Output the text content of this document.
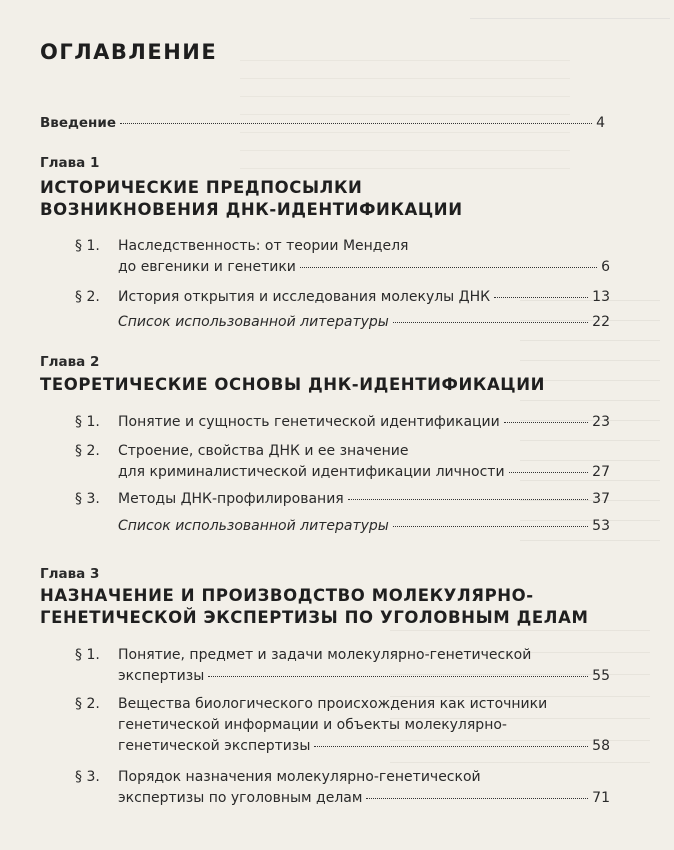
ОГЛАВЛЕНИЕ
Введение	4
Глава 1
ИСТОРИЧЕСКИЕ ПРЕДПОСЫЛКИ
ВОЗНИКНОВЕНИЯ ДНК-ИДЕНТИФИКАЦИИ
§ 1. Наследственность: от теории Менделя
до евгеники и генетики	6
§ 2. История открытия и исследования молекулы ДНК	13
Список использованной литературы	22
Глава 2
ТЕОРЕТИЧЕСКИЕ ОСНОВЫ ДНК-ИДЕНТИФИКАЦИИ
§ 1. Понятие и сущность генетической идентификации	23
§ 2. Строение, свойства ДНК и ее значение
для криминалистической идентификации личности	27
§ 3. Методы ДНК-профилирования	37
Список использованной литературы	53
Глава 3
НАЗНАЧЕНИЕ И ПРОИЗВОДСТВО МОЛЕКУЛЯРНО-
ГЕНЕТИЧЕСКОЙ ЭКСПЕРТИЗЫ ПО УГОЛОВНЫМ ДЕЛАМ
§ 1. Понятие, предмет и задачи молекулярно-генетической
экспертизы	55
§ 2. Вещества биологического происхождения как источники
генетической информации и объекты молекулярно-
генетической экспертизы	58
§ 3. Порядок назначения молекулярно-генетической
экспертизы по уголовным делам	71
